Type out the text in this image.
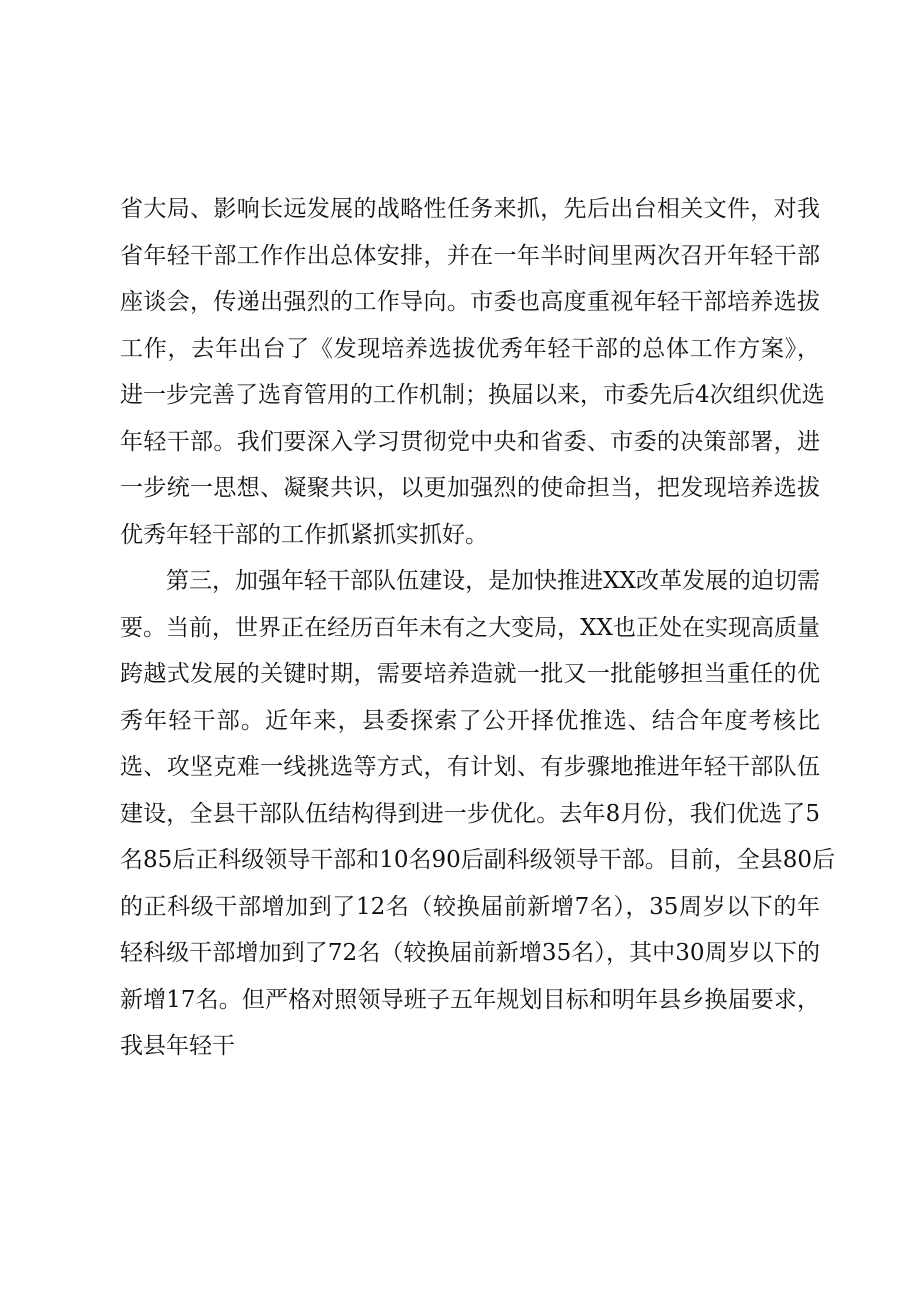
省大局、影响长远发展的战略性任务来抓，先后出台相关文件，对我
省年轻干部工作作出总体安排，并在一年半时间里两次召开年轻干部
座谈会，传递出强烈的工作导向。市委也高度重视年轻干部培养选拔
工作，去年出台了《发现培养选拔优秀年轻干部的总体工作方案》，
进一步完善了选育管用的工作机制；换届以来，市委先后4次组织优选
年轻干部。我们要深入学习贯彻党中央和省委、市委的决策部署，进
一步统一思想、凝聚共识，以更加强烈的使命担当，把发现培养选拔
优秀年轻干部的工作抓紧抓实抓好。
第三，加强年轻干部队伍建设，是加快推进XX改革发展的迫切需
要。当前，世界正在经历百年未有之大变局，XX也正处在实现高质量
跨越式发展的关键时期，需要培养造就一批又一批能够担当重任的优
秀年轻干部。近年来，县委探索了公开择优推选、结合年度考核比
选、攻坚克难一线挑选等方式，有计划、有步骤地推进年轻干部队伍
建设，全县干部队伍结构得到进一步优化。去年8月份，我们优选了5
名85后正科级领导干部和10名90后副科级领导干部。目前，全县80后
的正科级干部增加到了12名（较换届前新增7名），35周岁以下的年
轻科级干部增加到了72名（较换届前新增35名），其中30周岁以下的
新增17名。但严格对照领导班子五年规划目标和明年县乡换届要求，
我县年轻干
